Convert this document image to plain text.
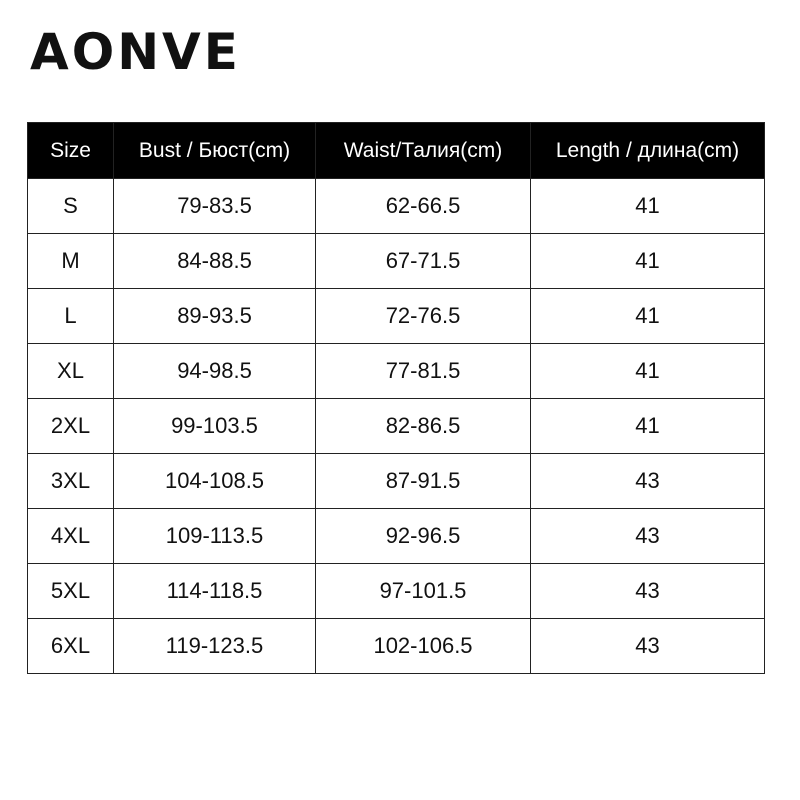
AONVE
Size	Bust / Бюст(cm)	Waist/Талия(cm)	Length / длина(cm)
S	79-83.5	62-66.5	41
M	84-88.5	67-71.5	41
L	89-93.5	72-76.5	41
XL	94-98.5	77-81.5	41
2XL	99-103.5	82-86.5	41
3XL	104-108.5	87-91.5	43
4XL	109-113.5	92-96.5	43
5XL	114-118.5	97-101.5	43
6XL	119-123.5	102-106.5	43
